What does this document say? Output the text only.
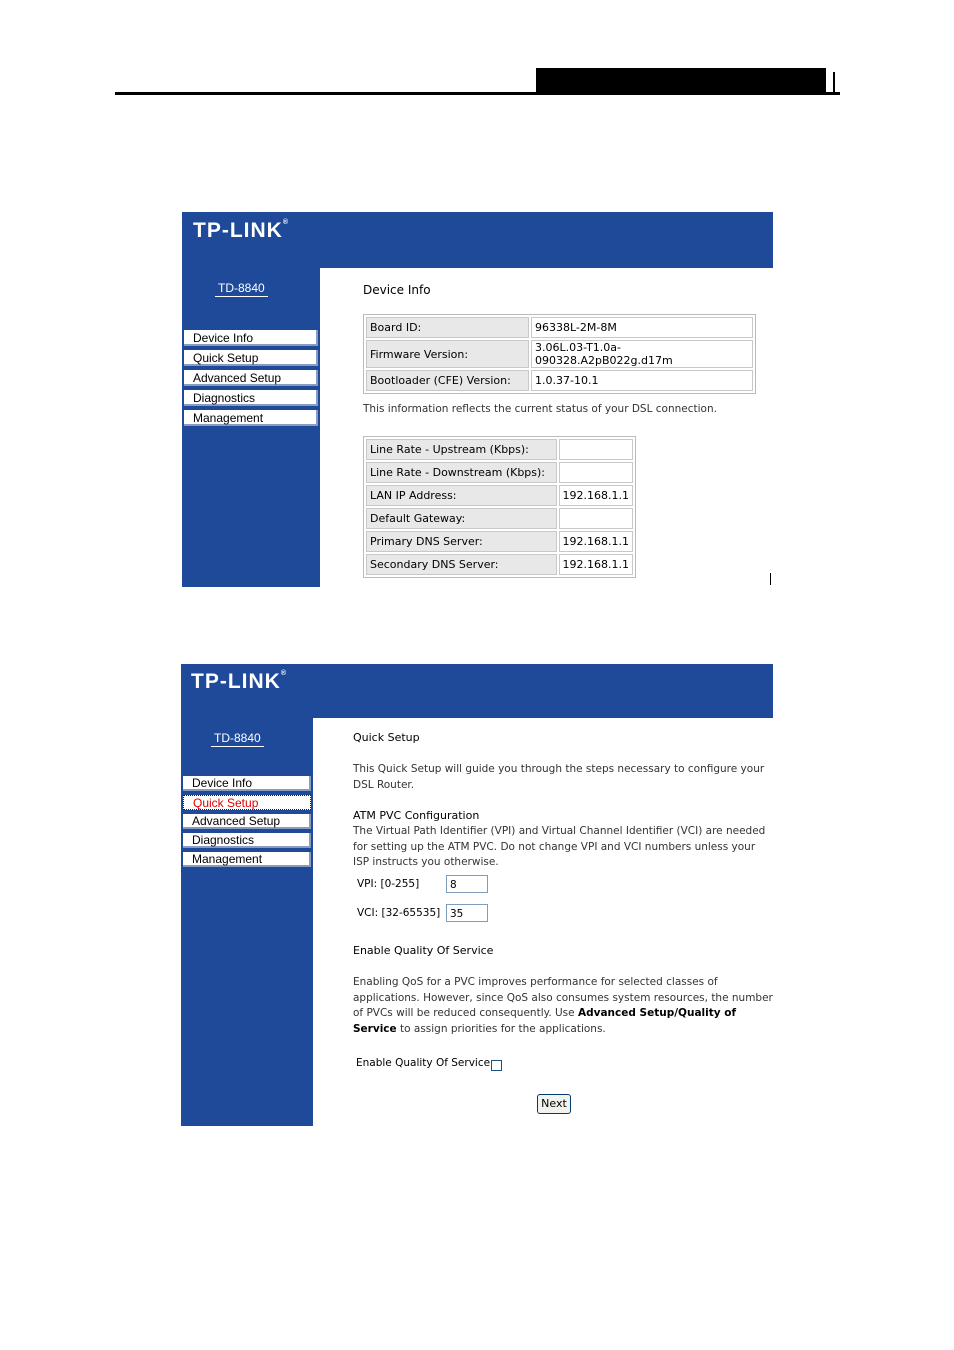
TP-LINK®
TD-8840
Device Info
Quick Setup
Advanced Setup
Diagnostics
Management
Device Info
Board ID:	96338L-2M-8M
Firmware Version:	3.06L.03-T1.0a-090328.A2pB022g.d17m
Bootloader (CFE) Version:	1.0.37-10.1
This information reflects the current status of your DSL connection.
Line Rate - Upstream (Kbps):	
Line Rate - Downstream (Kbps):	
LAN IP Address:	192.168.1.1
Default Gateway:	
Primary DNS Server:	192.168.1.1
Secondary DNS Server:	192.168.1.1
TP-LINK®
TD-8840
Device Info
Quick Setup
Advanced Setup
Diagnostics
Management
Quick Setup
This Quick Setup will guide you through the steps necessary to configure your
DSL Router.
ATM PVC Configuration
The Virtual Path Identifier (VPI) and Virtual Channel Identifier (VCI) are needed
for setting up the ATM PVC. Do not change VPI and VCI numbers unless your
ISP instructs you otherwise.
VPI: [0-255]	8
VCI: [32-65535] 35
Enable Quality Of Service
Enabling QoS for a PVC improves performance for selected classes of
applications. However, since QoS also consumes system resources, the number
of PVCs will be reduced consequently. Use Advanced Setup/Quality of
Service to assign priorities for the applications.
Enable Quality Of Service
Next
